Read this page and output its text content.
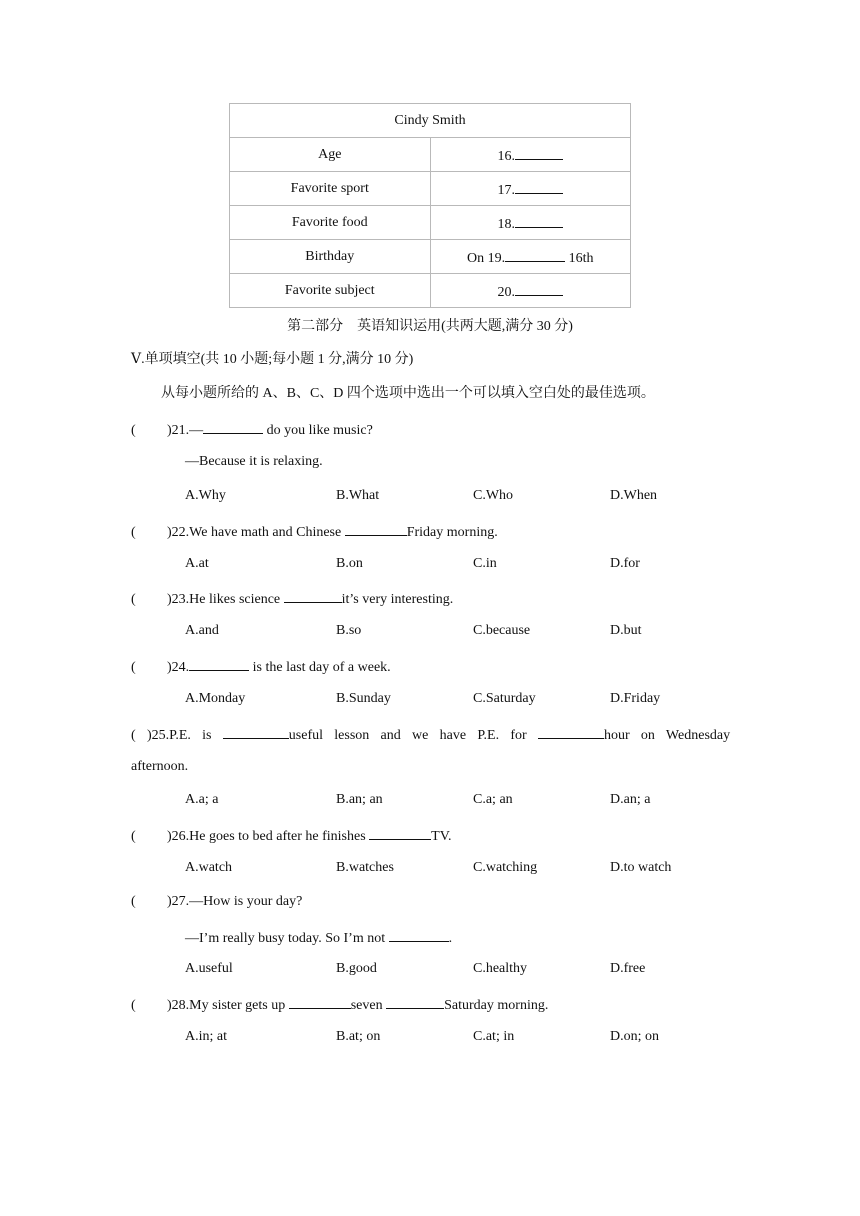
Cindy Smith	
Age	16.
Favorite sport	17.
Favorite food	18.
Birthday	On 19. 16th
Favorite subject	20.
第二部分　英语知识运用(共两大题,满分 30 分)
Ⅴ.单项填空(共 10 小题;每小题 1 分,满分 10 分)
从每小题所给的 A、B、C、D 四个选项中选出一个可以填入空白处的最佳选项。
( )21.—	do you like music?
—Because it is relaxing.
A.Why	B.What	C.Who	D.When
( )22.We have math and Chinese	Friday morning.
A.at	B.on	C.in	D.for
( )23.He likes science	it’s very interesting.
A.and	B.so	C.because	D.but
( )24.	is the last day of a week.
A.Monday	B.Sunday	C.Saturday	D.Friday
( )25.P.E. is	useful lesson and we have P.E. for	hour on Wednesday
afternoon.
A.a; a	B.an; an	C.a; an	D.an; a
( )26.He goes to bed after he finishes	TV.
A.watch	B.watches	C.watching	D.to watch
( )27.—How is your day?
—I’m really busy today. So I’m not	.
A.useful	B.good	C.healthy	D.free
( )28.My sister gets up	seven	Saturday morning.
A.in; at	B.at; on	C.at; in	D.on; on
